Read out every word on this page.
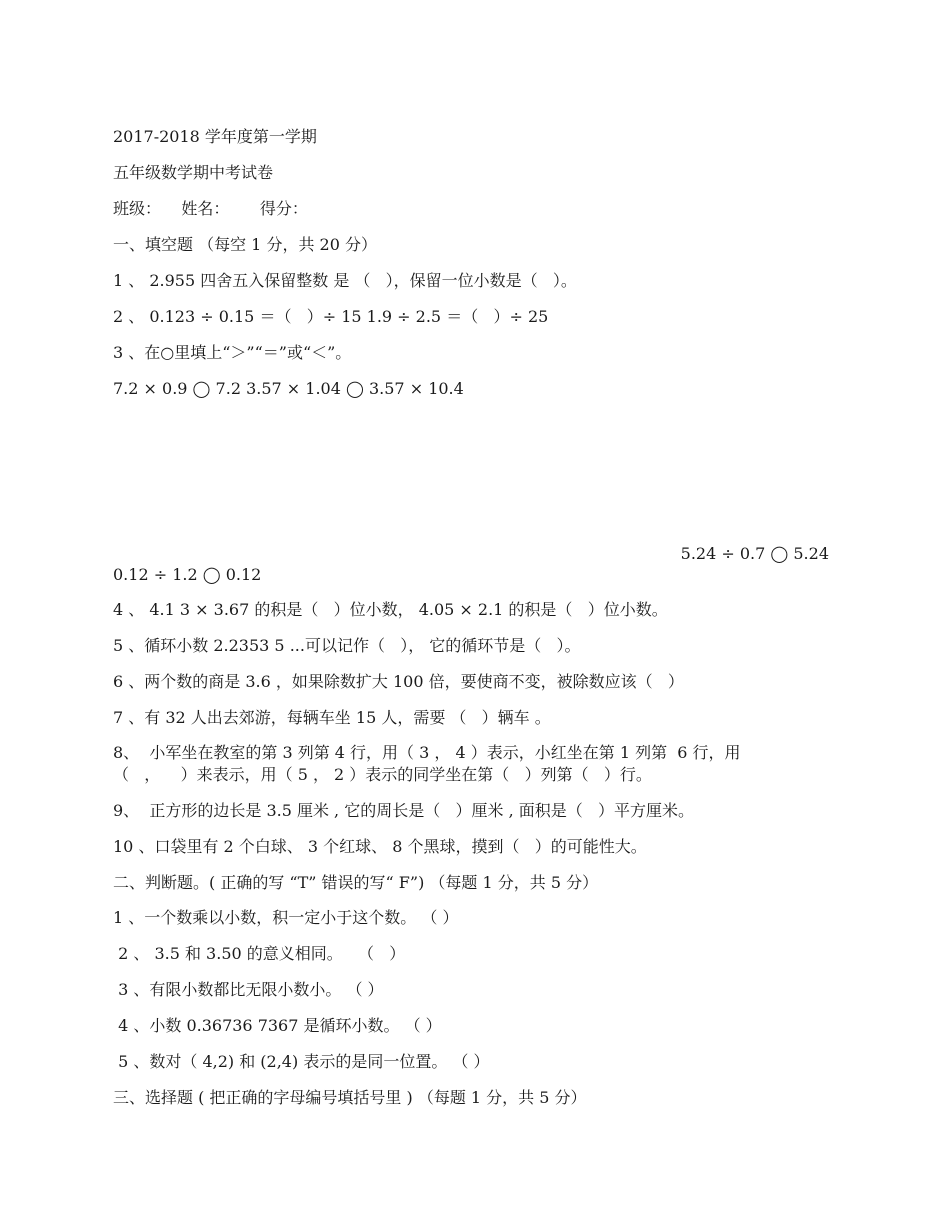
2017-2018 学年度第一学期

五年级数学期中考试卷

班级：    姓名：      得分：

一、填空题 （每空 1 分，共 20 分）

1 、 2.955 四舍五入保留整数 是 （   ），保留一位小数是（   ）。

2 、 0.123 ÷ 0.15 ＝（   ）÷ 15 1.9 ÷ 2.5 ＝（   ）÷ 25

3 、在○里填上“＞”“＝”或“＜”。

7.2 × 0.9 ◯ 7.2 3.57 × 1.04 ◯ 3.57 × 10.4

5.24 ÷ 0.7 ◯ 5.24

0.12 ÷ 1.2 ◯ 0.12

4 、 4.1 3 × 3.67 的积是（   ）位小数， 4.05 × 2.1 的积是（   ）位小数。

5 、循环小数 2.2353 5 ...可以记作（   ）， 它的循环节是（   ）。

6 、两个数的商是 3.6 ，如果除数扩大 100 倍，要使商不变，被除数应该（   ）

7 、有 32 人出去郊游，每辆车坐 15 人，需要 （   ）辆车 。

8、  小军坐在教室的第 3 列第 4 行，用（ 3 ， 4 ）表示，小红坐在第 1 列第  6 行，用

（   ，    ）来表示，用（ 5 ， 2 ）表示的同学坐在第（   ）列第（   ）行。

9、  正方形的边长是 3.5 厘米 , 它的周长是（   ）厘米 , 面积是（   ）平方厘米。

10 、口袋里有 2 个白球、 3 个红球、 8 个黑球，摸到（   ）的可能性大。

二、判断题。( 正确的写 “T” 错误的写“ F”) （每题 1 分，共 5 分）

1 、一个数乘以小数，积一定小于这个数。 （ ）

2 、 3.5 和 3.50 的意义相同。   （   ）

3 、有限小数都比无限小数小。 （ ）

4 、小数 0.36736 7367 是循环小数。 （ ）

5 、数对（ 4,2) 和 (2,4) 表示的是同一位置。 （ ）

三、选择题 ( 把正确的字母编号填括号里 ) （每题 1 分，共 5 分）
